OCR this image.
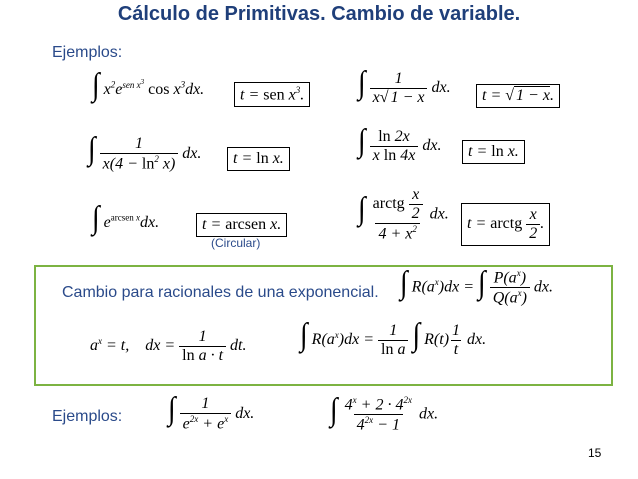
Cálculo de Primitivas. Cambio de variable.
Ejemplos:
∫ $x^2e^{sen x^3}$ $\cos x^3dx$.	t = sen $x^3$. ∫ $\frac{1}{x√ 1 - x}$ dx.	t = √ 1 − x.
∫ $\frac{1}{x(4 - \ln^2 x)}$ dx.	t = ln x.	∫ $\frac{\ln 2x}{\text{x ln 4x}}$ dx.	t = ln x.
∫ $e^{arcsen x}dx$.	t = arcsen x.
(Circular)
∫ $\frac{arctg \frac{x}{2}}{4 + x^2}$ dx.
t = arctg $\frac{x}{2}$ .
Cambio para racionales de una exponencial. ∫ $R(a^x)dx$ = ∫ $\frac{P(a^x)}{Q(a^x)}$ dx.
$a^x = t$,    dx = $\frac{1}{\text{ln a · t}}$ dt. ∫ $R(a^x)dx = \frac{1}{\text{ln a}}$ ∫ $R(t) \frac{1}{t}$ dx.
Ejemplos: ∫ $\frac{1}{e^{2x} + e^x}$ dx.	∫ $\frac{4^x + 2 \cdot 4^{2x}}{4^{2x} - 1}$ dx.
15
